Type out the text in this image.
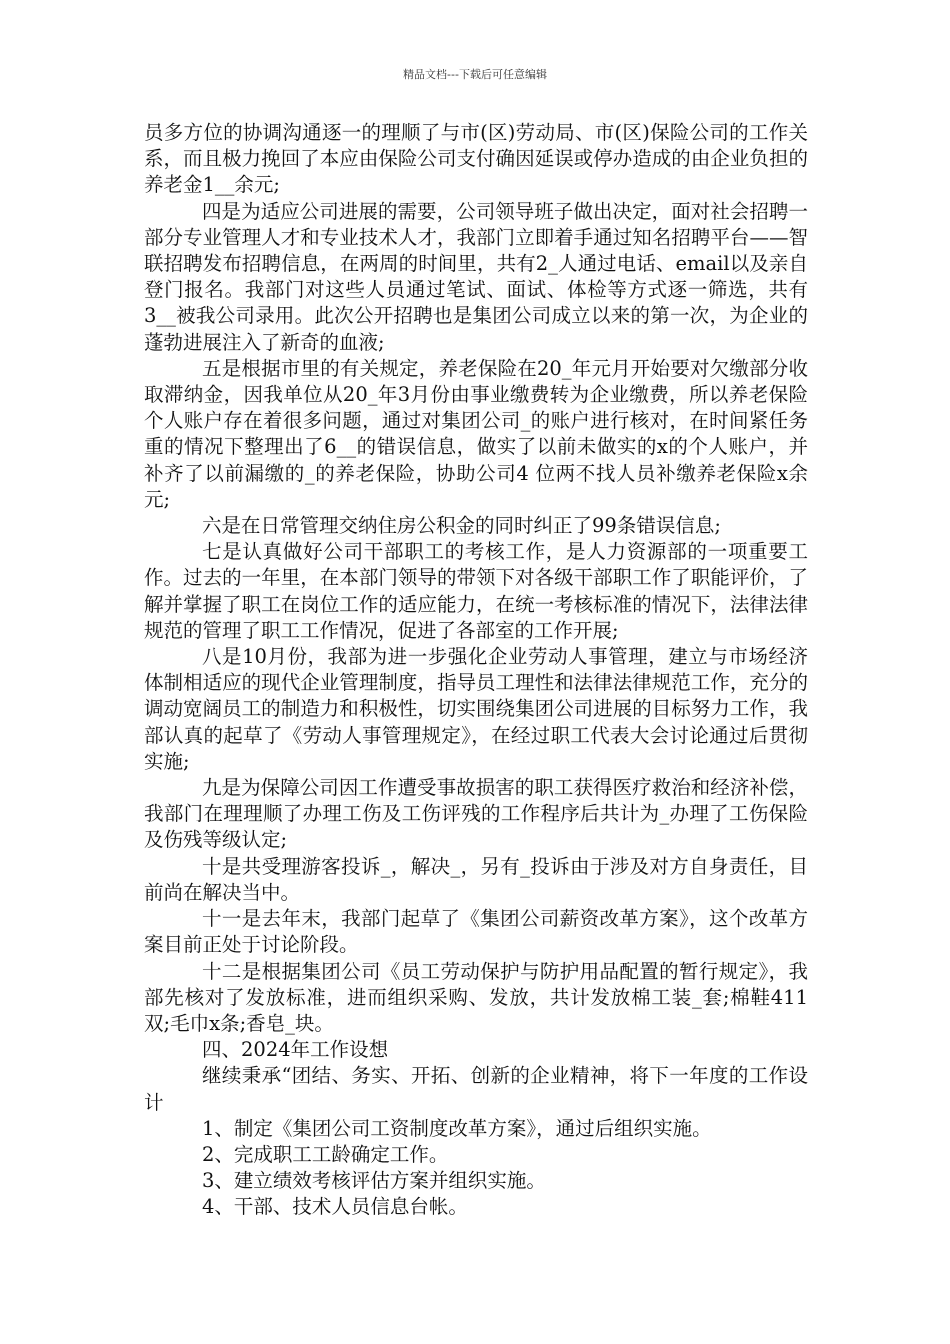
精品文档---下载后可任意编辑

员多方位的协调沟通逐一的理顺了与市(区)劳动局、市(区)保险公司的工作关系，而且极力挽回了本应由保险公司支付确因延误或停办造成的由企业负担的养老金1__余元;

四是为适应公司进展的需要，公司领导班子做出决定，面对社会招聘一部分专业管理人才和专业技术人才，我部门立即着手通过知名招聘平台——智联招聘发布招聘信息，在两周的时间里，共有2_人通过电话、email以及亲自登门报名。我部门对这些人员通过笔试、面试、体检等方式逐一筛选，共有3__被我公司录用。此次公开招聘也是集团公司成立以来的第一次，为企业的蓬勃进展注入了新奇的血液;

五是根据市里的有关规定，养老保险在20_年元月开始要对欠缴部分收取滞纳金，因我单位从20_年3月份由事业缴费转为企业缴费，所以养老保险个人账户存在着很多问题，通过对集团公司_的账户进行核对，在时间紧任务重的情况下整理出了6__的错误信息，做实了以前未做实的x的个人账户，并补齐了以前漏缴的_的养老保险，协助公司4 位两不找人员补缴养老保险x余元;

六是在日常管理交纳住房公积金的同时纠正了99条错误信息;

七是认真做好公司干部职工的考核工作，是人力资源部的一项重要工作。过去的一年里，在本部门领导的带领下对各级干部职工作了职能评价，了解并掌握了职工在岗位工作的适应能力，在统一考核标准的情况下，法律法律规范的管理了职工工作情况，促进了各部室的工作开展;

八是10月份，我部为进一步强化企业劳动人事管理，建立与市场经济体制相适应的现代企业管理制度，指导员工理性和法律法律规范工作，充分的调动宽阔员工的制造力和积极性，切实围绕集团公司进展的目标努力工作，我部认真的起草了《劳动人事管理规定》，在经过职工代表大会讨论通过后贯彻实施;

九是为保障公司因工作遭受事故损害的职工获得医疗救治和经济补偿，我部门在理理顺了办理工伤及工伤评残的工作程序后共计为_办理了工伤保险及伤残等级认定;

十是共受理游客投诉_，解决_，另有_投诉由于涉及对方自身责任，目前尚在解决当中。

十一是去年末，我部门起草了《集团公司薪资改革方案》，这个改革方案目前正处于讨论阶段。

十二是根据集团公司《员工劳动保护与防护用品配置的暂行规定》，我部先核对了发放标准，进而组织采购、发放，共计发放棉工装_套;棉鞋411双;毛巾x条;香皂_块。

四、2024年工作设想

继续秉承“团结、务实、开拓、创新的企业精神，将下一年度的工作设计

1、制定《集团公司工资制度改革方案》，通过后组织实施。

2、完成职工工龄确定工作。

3、建立绩效考核评估方案并组织实施。

4、干部、技术人员信息台帐。
